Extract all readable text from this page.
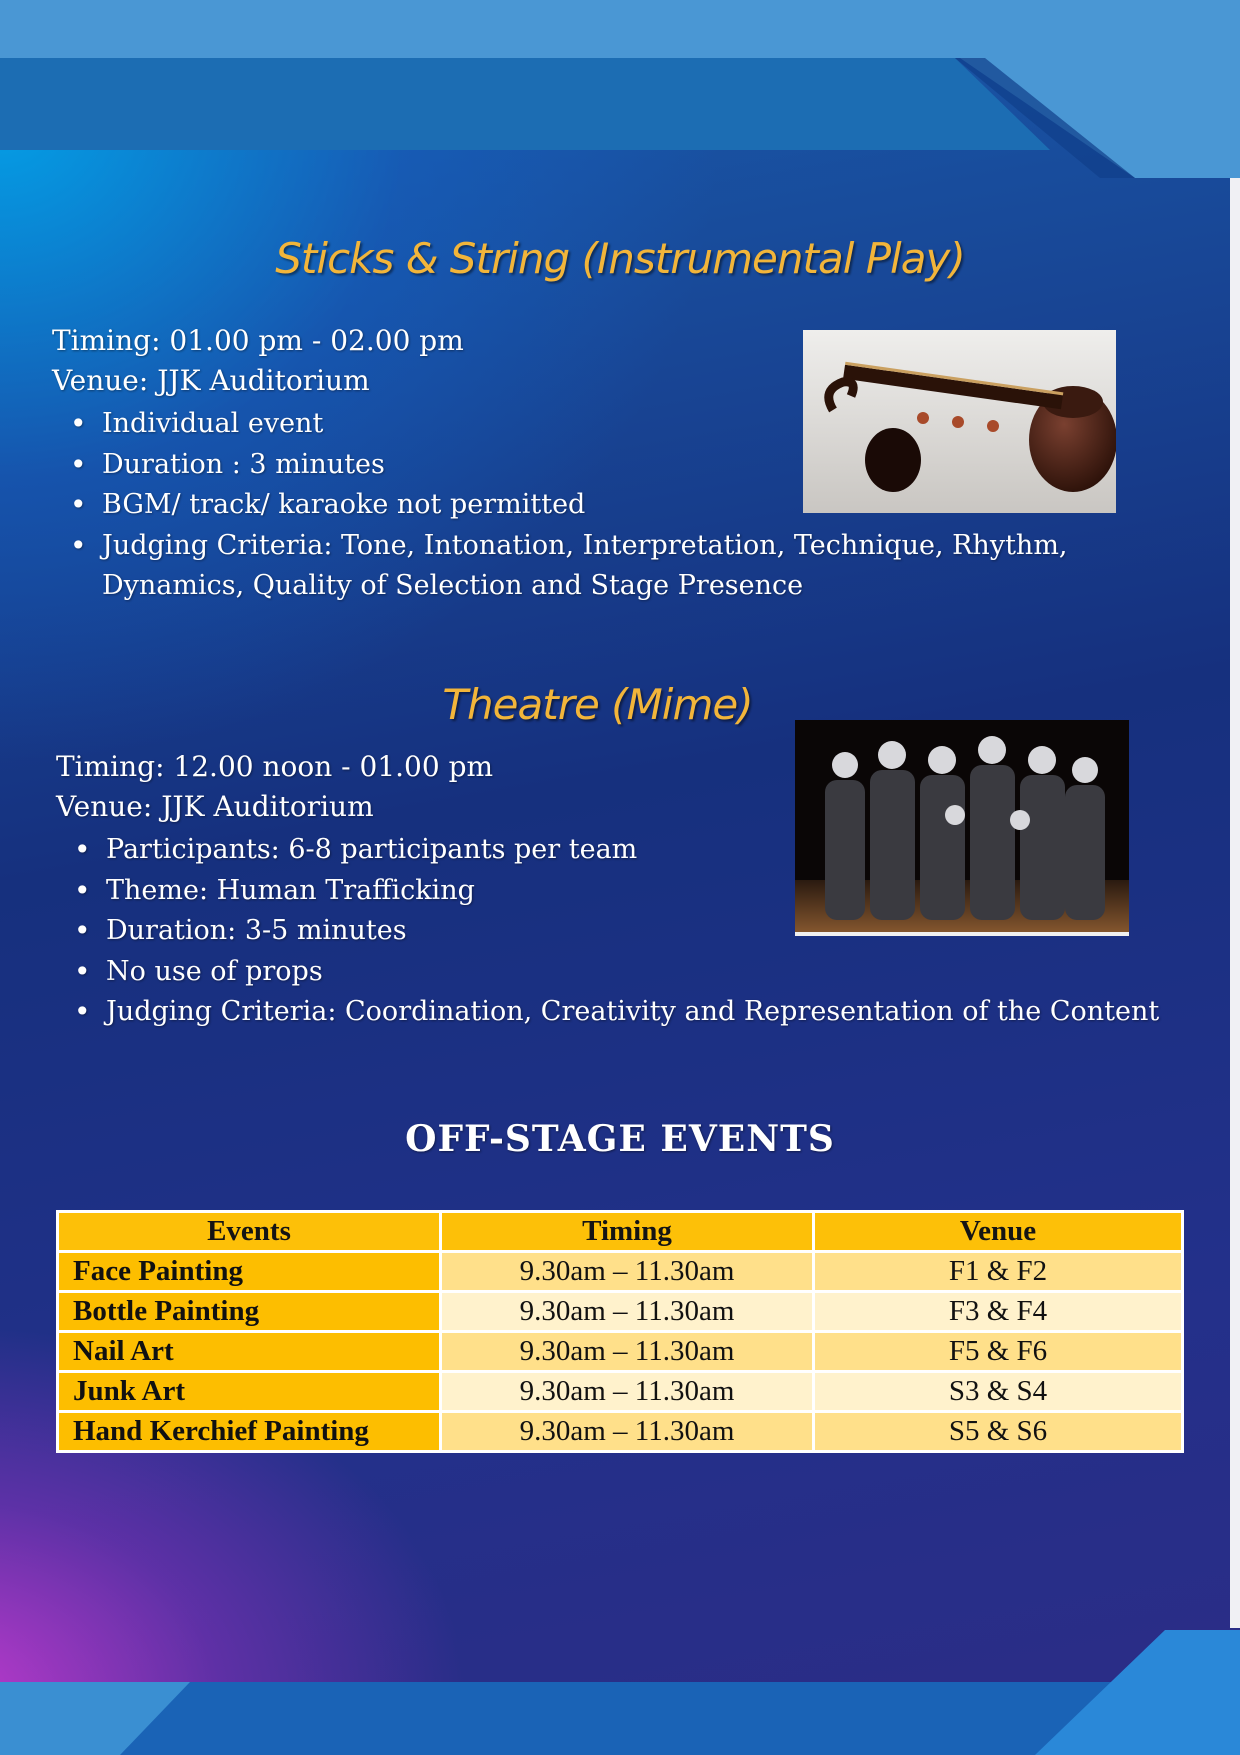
Sticks & String (Instrumental Play)
Timing: 01.00 pm - 02.00 pm
Venue: JJK Auditorium
• Individual event
• Duration : 3 minutes
• BGM/ track/ karaoke not permitted
• Judging Criteria: Tone, Intonation, Interpretation, Technique, Rhythm, Dynamics, Quality of Selection and Stage Presence
Theatre (Mime)
Timing: 12.00 noon - 01.00 pm
Venue: JJK Auditorium
• Participants: 6-8 participants per team
• Theme: Human Trafficking
• Duration: 3-5 minutes
• No use of props
• Judging Criteria: Coordination, Creativity and Representation of the Content
OFF-STAGE EVENTS
Events	Timing	Venue
Face Painting	9.30am – 11.30am	F1 & F2
Bottle Painting	9.30am – 11.30am	F3 & F4
Nail Art	9.30am – 11.30am	F5 & F6
Junk Art	9.30am – 11.30am	S3 & S4
Hand Kerchief Painting	9.30am – 11.30am	S5 & S6
